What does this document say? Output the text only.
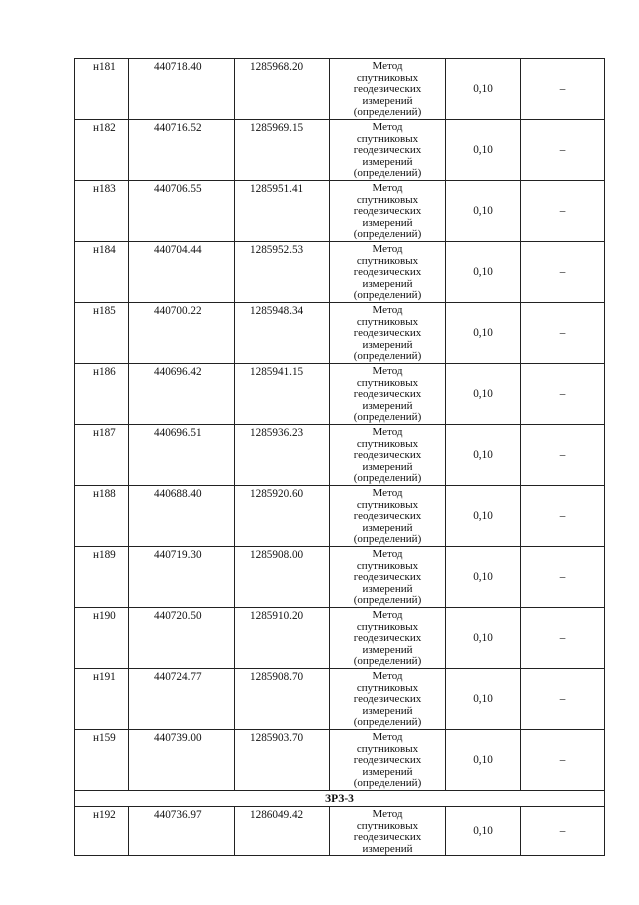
н181	440718.40	1285968.20	Метод
спутниковых
геодезических
измерений
(определений)	0,10	–
н182	440716.52	1285969.15	Метод
спутниковых
геодезических
измерений
(определений)	0,10	–
н183	440706.55	1285951.41	Метод
спутниковых
геодезических
измерений
(определений)	0,10	–
н184	440704.44	1285952.53	Метод
спутниковых
геодезических
измерений
(определений)	0,10	–
н185	440700.22	1285948.34	Метод
спутниковых
геодезических
измерений
(определений)	0,10	–
н186	440696.42	1285941.15	Метод
спутниковых
геодезических
измерений
(определений)	0,10	–
н187	440696.51	1285936.23	Метод
спутниковых
геодезических
измерений
(определений)	0,10	–
н188	440688.40	1285920.60	Метод
спутниковых
геодезических
измерений
(определений)	0,10	–
н189	440719.30	1285908.00	Метод
спутниковых
геодезических
измерений
(определений)	0,10	–
н190	440720.50	1285910.20	Метод
спутниковых
геодезических
измерений
(определений)	0,10	–
н191	440724.77	1285908.70	Метод
спутниковых
геодезических
измерений
(определений)	0,10	–
н159	440739.00	1285903.70	Метод
спутниковых
геодезических
измерений
(определений)	0,10	–
ЗРЗ-3					
н192	440736.97	1286049.42	Метод
спутниковых
геодезических
измерений	0,10	–
